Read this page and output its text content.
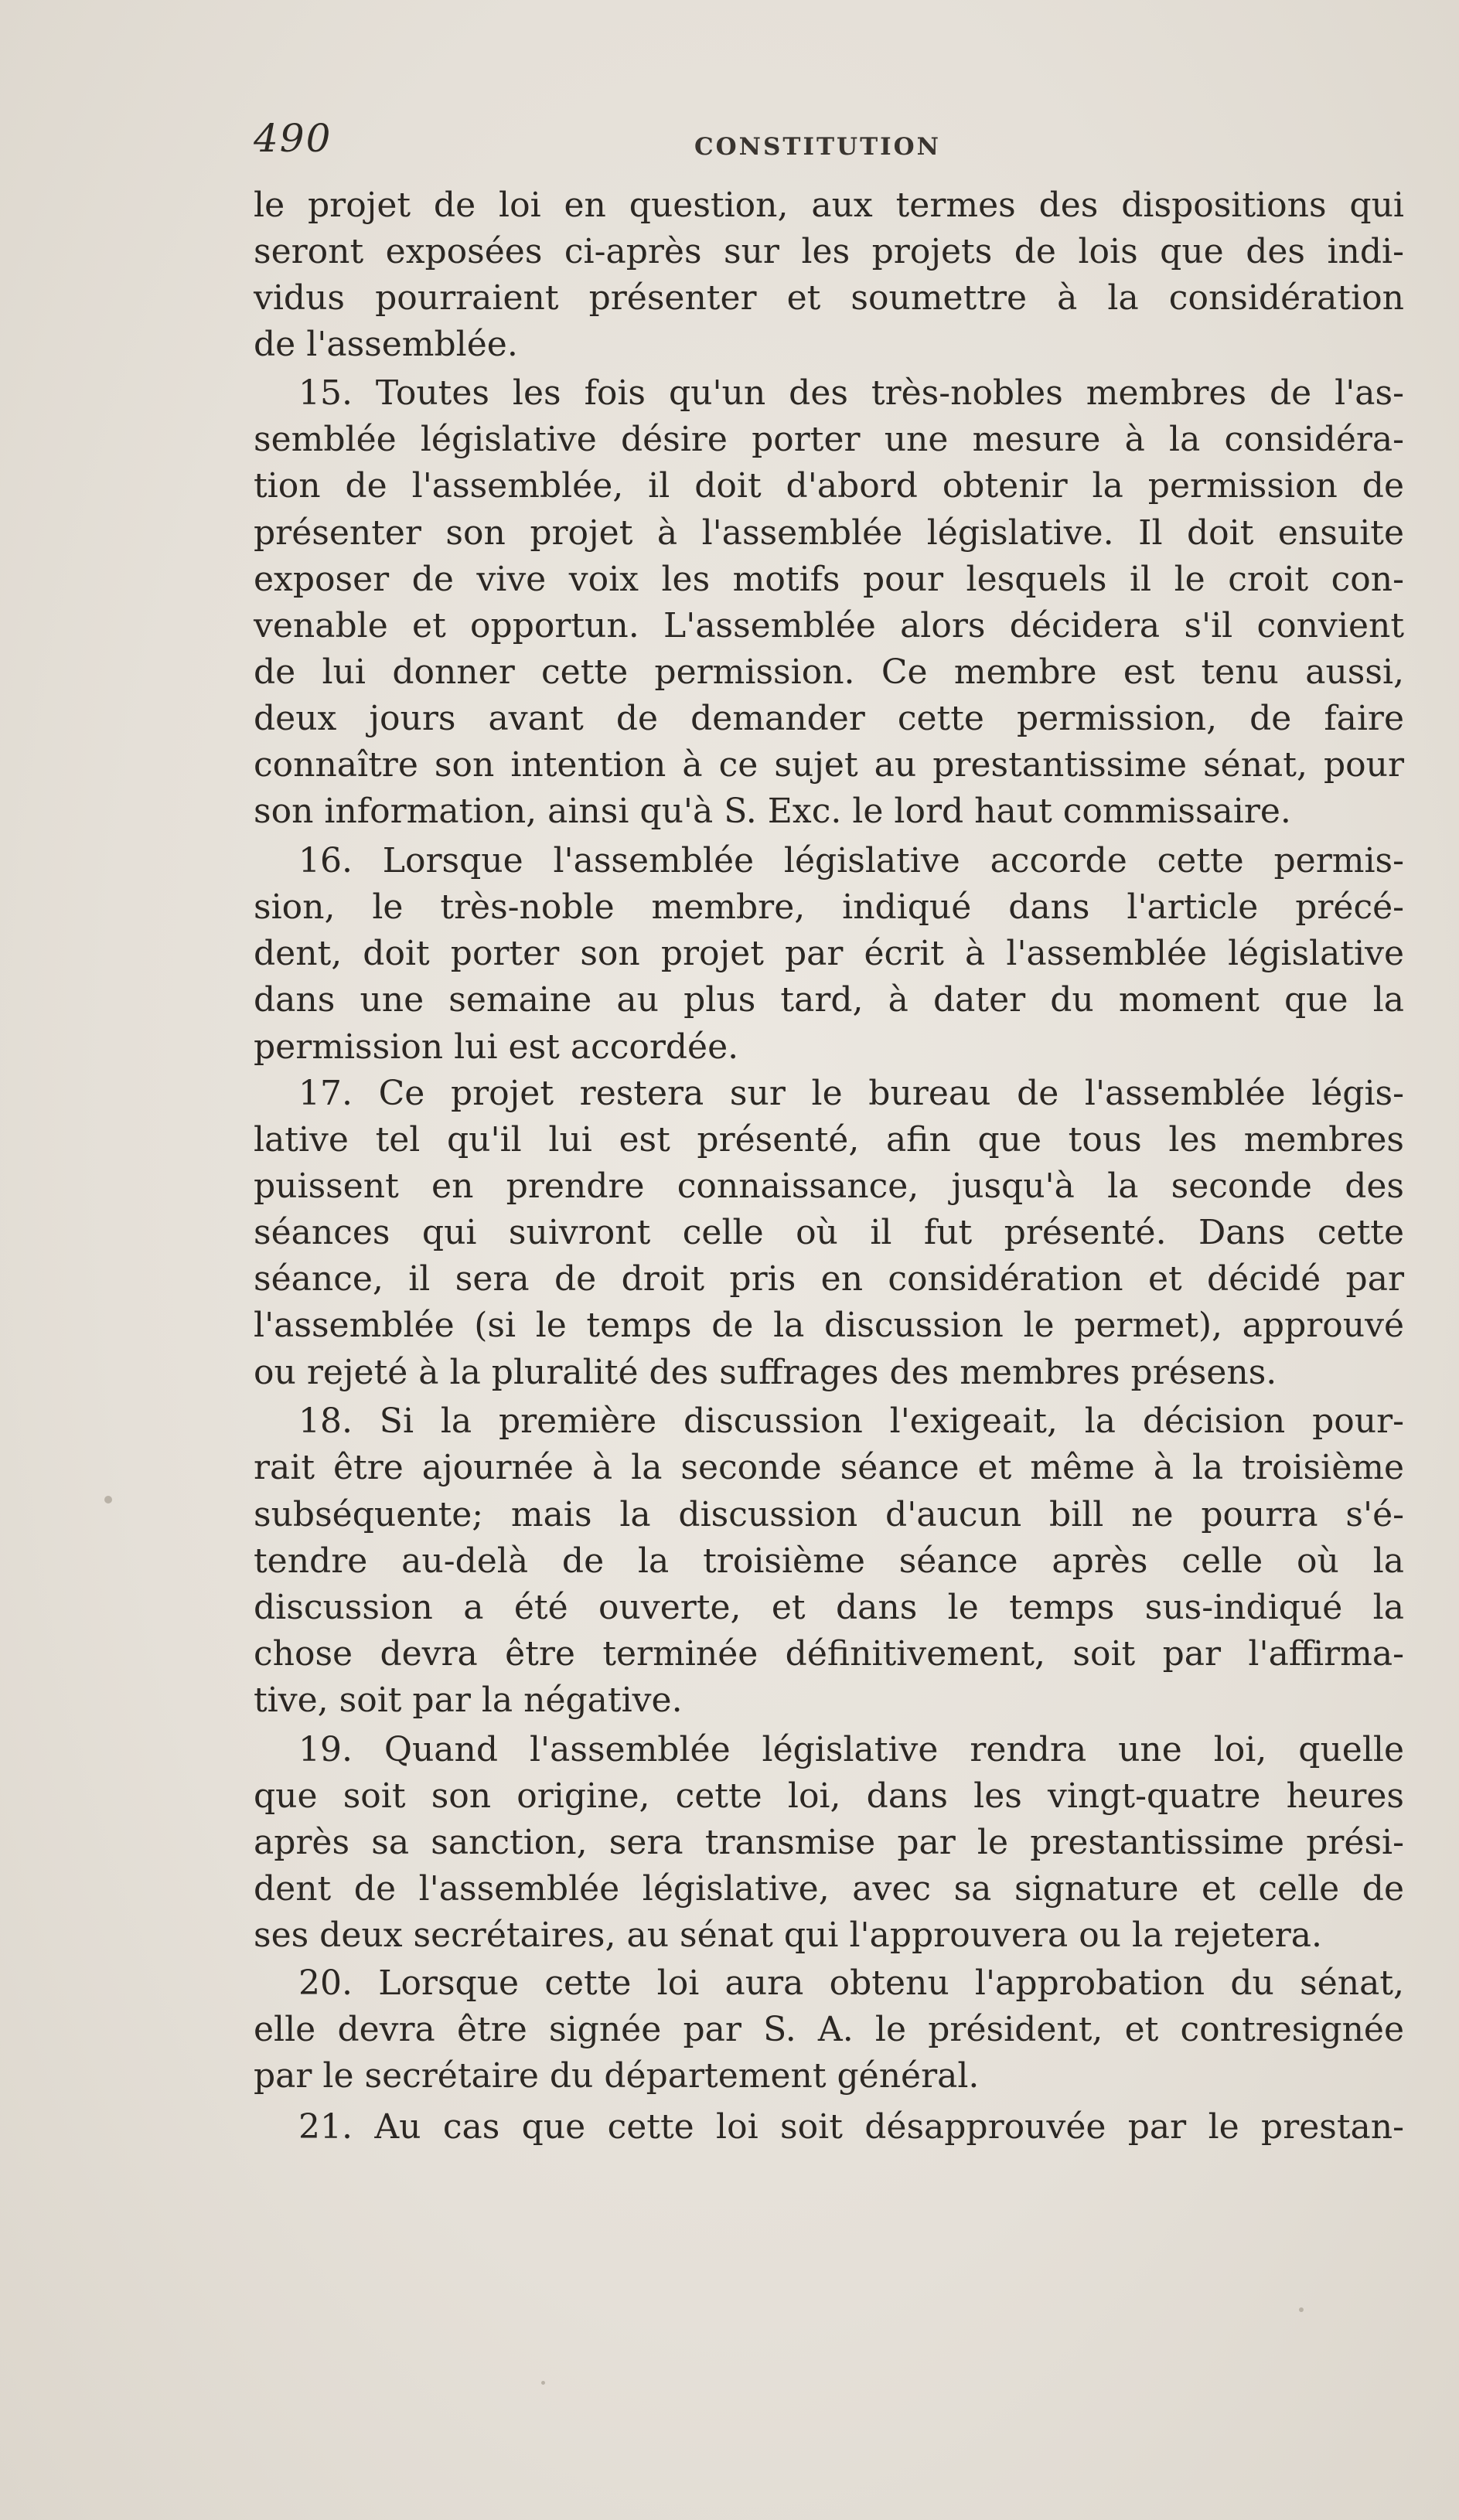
490	CONSTITUTION
le projet de loi en question, aux termes des dispositions qui
seront exposées ci-après sur les projets de lois que des indi-
vidus pourraient présenter et soumettre à la considération
de l'assemblée.
15. Toutes les fois qu'un des très-nobles membres de l'as-
semblée législative désire porter une mesure à la considéra-
tion de l'assemblée, il doit d'abord obtenir la permission de
présenter son projet à l'assemblée législative. Il doit ensuite
exposer de vive voix les motifs pour lesquels il le croit con-
venable et opportun. L'assemblée alors décidera s'il convient
de lui donner cette permission. Ce membre est tenu aussi,
deux jours avant de demander cette permission, de faire
connaître son intention à ce sujet au prestantissime sénat, pour
son information, ainsi qu'à S. Exc. le lord haut commissaire.
16. Lorsque l'assemblée législative accorde cette permis-
sion, le très-noble membre, indiqué dans l'article précé-
dent, doit porter son projet par écrit à l'assemblée législative
dans une semaine au plus tard, à dater du moment que la
permission lui est accordée.
17. Ce projet restera sur le bureau de l'assemblée légis-
lative tel qu'il lui est présenté, afin que tous les membres
puissent en prendre connaissance, jusqu'à la seconde des
séances qui suivront celle où il fut présenté. Dans cette
séance, il sera de droit pris en considération et décidé par
l'assemblée (si le temps de la discussion le permet), approuvé
ou rejeté à la pluralité des suffrages des membres présens.
18. Si la première discussion l'exigeait, la décision pour-
rait être ajournée à la seconde séance et même à la troisième
subséquente; mais la discussion d'aucun bill ne pourra s'é-
tendre au-delà de la troisième séance après celle où la
discussion a été ouverte, et dans le temps sus-indiqué la
chose devra être terminée définitivement, soit par l'affirma-
tive, soit par la négative.
19. Quand l'assemblée législative rendra une loi, quelle
que soit son origine, cette loi, dans les vingt-quatre heures
après sa sanction, sera transmise par le prestantissime prési-
dent de l'assemblée législative, avec sa signature et celle de
ses deux secrétaires, au sénat qui l'approuvera ou la rejetera.
20. Lorsque cette loi aura obtenu l'approbation du sénat,
elle devra être signée par S. A. le président, et contresignée
par le secrétaire du département général.
21. Au cas que cette loi soit désapprouvée par le prestan-
